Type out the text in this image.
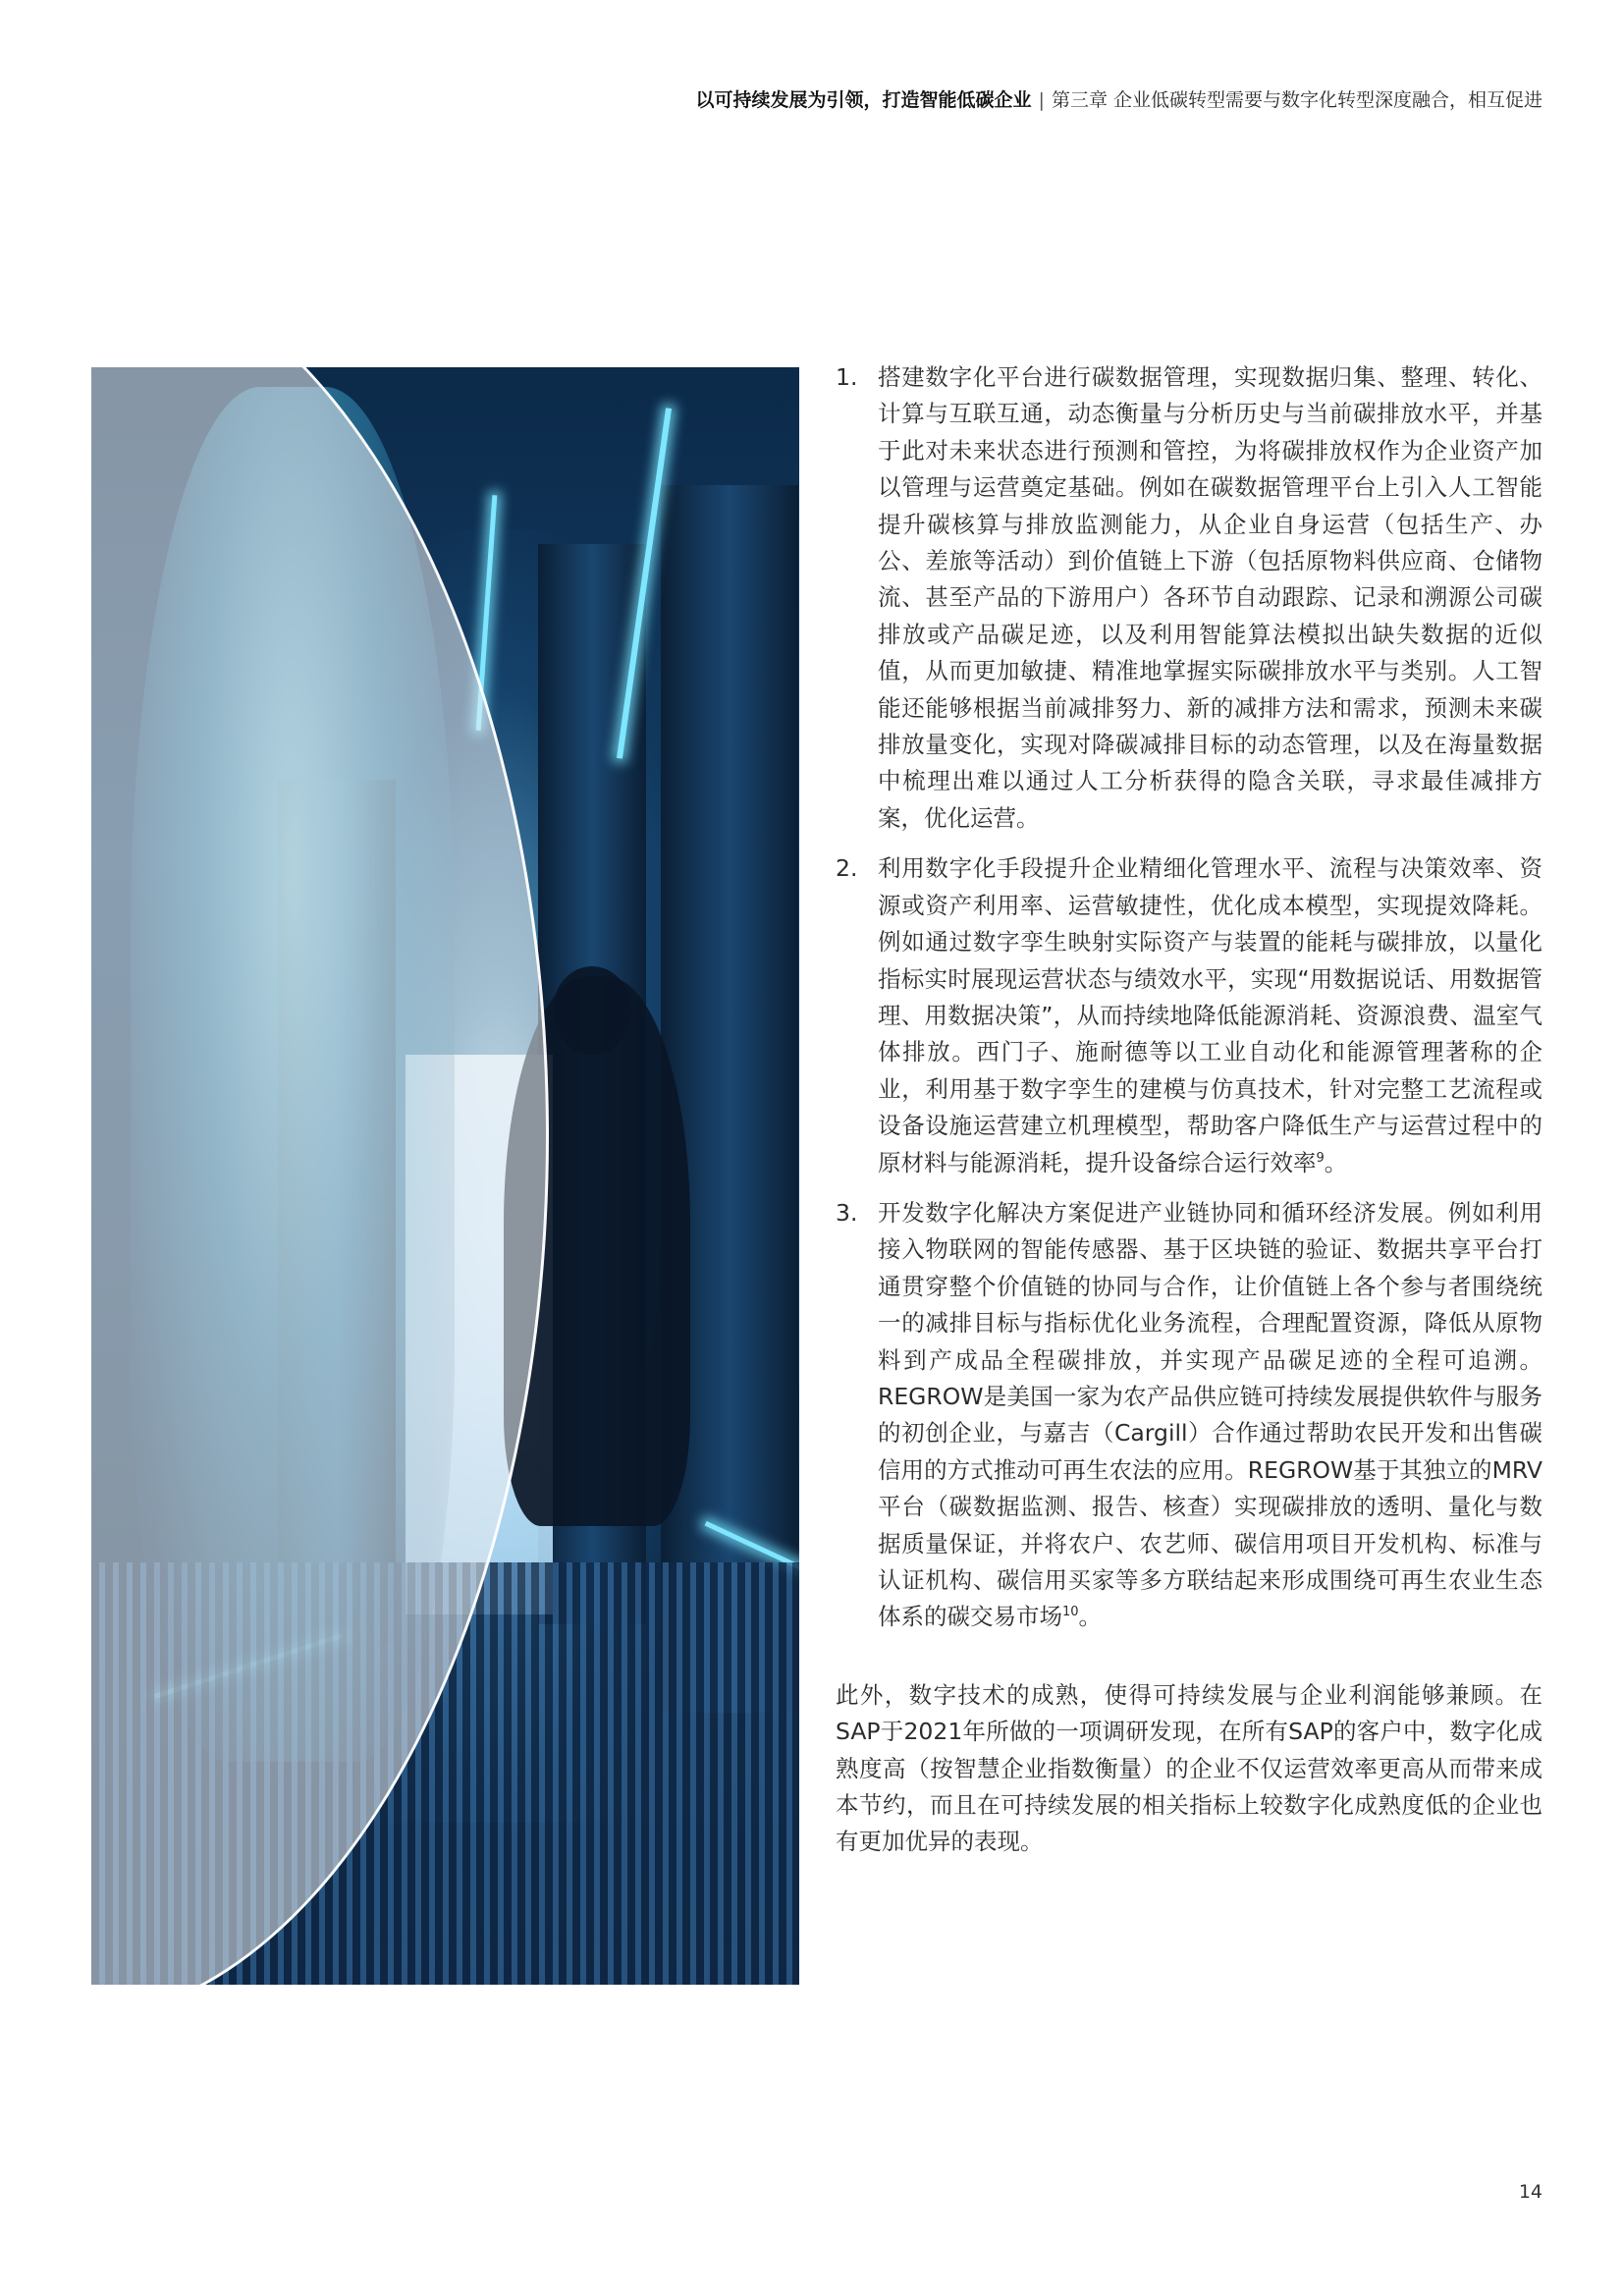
以可持续发展为引领，打造智能低碳企业 | 第三章 企业低碳转型需要与数字化转型深度融合，相互促进
1. 搭建数字化平台进行碳数据管理，实现数据归集、整理、转化、计算与互联互通，动态衡量与分析历史与当前碳排放水平，并基于此对未来状态进行预测和管控，为将碳排放权作为企业资产加以管理与运营奠定基础。例如在碳数据管理平台上引入人工智能提升碳核算与排放监测能力，从企业自身运营（包括生产、办公、差旅等活动）到价值链上下游（包括原物料供应商、仓储物流、甚至产品的下游用户）各环节自动跟踪、记录和溯源公司碳排放或产品碳足迹，以及利用智能算法模拟出缺失数据的近似值，从而更加敏捷、精准地掌握实际碳排放水平与类别。人工智能还能够根据当前减排努力、新的减排方法和需求，预测未来碳排放量变化，实现对降碳减排目标的动态管理，以及在海量数据中梳理出难以通过人工分析获得的隐含关联，寻求最佳减排方案，优化运营。
2. 利用数字化手段提升企业精细化管理水平、流程与决策效率、资源或资产利用率、运营敏捷性，优化成本模型，实现提效降耗。例如通过数字孪生映射实际资产与装置的能耗与碳排放，以量化指标实时展现运营状态与绩效水平，实现“用数据说话、用数据管理、用数据决策”，从而持续地降低能源消耗、资源浪费、温室气体排放。西门子、施耐德等以工业自动化和能源管理著称的企业，利用基于数字孪生的建模与仿真技术，针对完整工艺流程或设备设施运营建立机理模型，帮助客户降低生产与运营过程中的原材料与能源消耗，提升设备综合运行效率$^9$。
3. 开发数字化解决方案促进产业链协同和循环经济发展。例如利用接入物联网的智能传感器、基于区块链的验证、数据共享平台打通贯穿整个价值链的协同与合作，让价值链上各个参与者围绕统一的减排目标与指标优化业务流程，合理配置资源，降低从原物料到产成品全程碳排放，并实现产品碳足迹的全程可追溯。REGROW是美国一家为农产品供应链可持续发展提供软件与服务的初创企业，与嘉吉（Cargill）合作通过帮助农民开发和出售碳信用的方式推动可再生农法的应用。REGROW基于其独立的MRV平台（碳数据监测、报告、核查）实现碳排放的透明、量化与数据质量保证，并将农户、农艺师、碳信用项目开发机构、标准与认证机构、碳信用买家等多方联结起来形成围绕可再生农业生态体系的碳交易市场$^{10}$。

此外，数字技术的成熟，使得可持续发展与企业利润能够兼顾。在SAP于2021年所做的一项调研发现，在所有SAP的客户中，数字化成熟度高（按智慧企业指数衡量）的企业不仅运营效率更高从而带来成本节约，而且在可持续发展的相关指标上较数字化成熟度低的企业也有更加优异的表现。

14
